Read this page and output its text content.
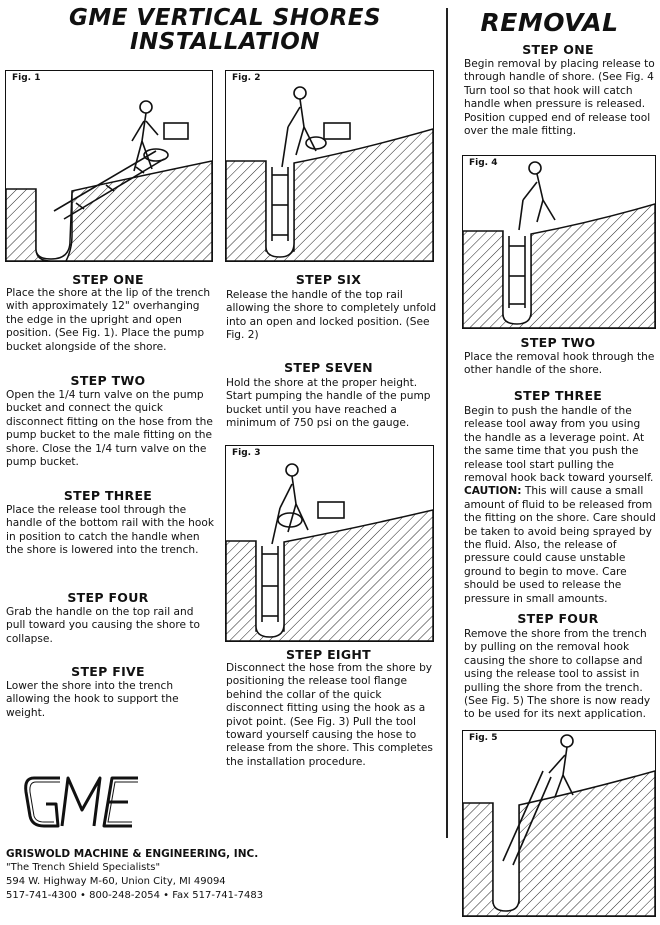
GME VERTICAL SHORES
INSTALLATION
REMOVAL
Fig. 1	Fig. 2
Fig. 3
Fig. 4
Fig. 5
STEP ONE
Place the shore at the lip of the trench with approximately 12" overhanging the edge in the upright and open position. (See Fig. 1). Place the pump bucket alongside of the shore.
STEP TWO
Open the 1/4 turn valve on the pump bucket and connect the quick disconnect fitting on the hose from the pump bucket to the male fitting on the shore. Close the 1/4 turn valve on the pump bucket.
STEP THREE
Place the release tool through the handle of the bottom rail with the hook in position to catch the handle when the shore is lowered into the trench.
STEP FOUR
Grab the handle on the top rail and pull toward you causing the shore to collapse.
STEP FIVE
Lower the shore into the trench allowing the hook to support the weight.
STEP SIX
Release the handle of the top rail allowing the shore to completely unfold into an open and locked position. (See Fig. 2)
STEP SEVEN
Hold the shore at the proper height. Start pumping the handle of the pump bucket until you have reached a minimum of 750 psi on the gauge.
STEP EIGHT
Disconnect the hose from the shore by positioning the release tool flange behind the collar of the quick disconnect fitting using the hook as a pivot point. (See Fig. 3) Pull the tool toward yourself causing the hose to release from the shore. This completes the installation procedure.
STEP ONE
Begin removal by placing release to through handle of shore. (See Fig. 4 Turn tool so that hook will catch handle when pressure is released. Position cupped end of release tool over the male fitting.
STEP TWO
Place the removal hook through the other handle of the shore.
STEP THREE
Begin to push the handle of the release tool away from you using the handle as a leverage point. At the same time that you push the release tool start pulling the removal hook back toward yourself. CAUTION: This will cause a small amount of fluid to be released from the fitting on the shore. Care should be taken to avoid being sprayed by the fluid. Also, the release of pressure could cause unstable ground to begin to move. Care should be used to release the pressure in small amounts.
STEP FOUR
Remove the shore from the trench by pulling on the removal hook causing the shore to collapse and using the release tool to assist in pulling the shore from the trench. (See Fig. 5) The shore is now ready to be used for its next application.
GRISWOLD MACHINE & ENGINEERING, INC.
"The Trench Shield Specialists"
594 W. Highway M-60, Union City, MI 49094
517-741-4300 • 800-248-2054 • Fax 517-741-7483
